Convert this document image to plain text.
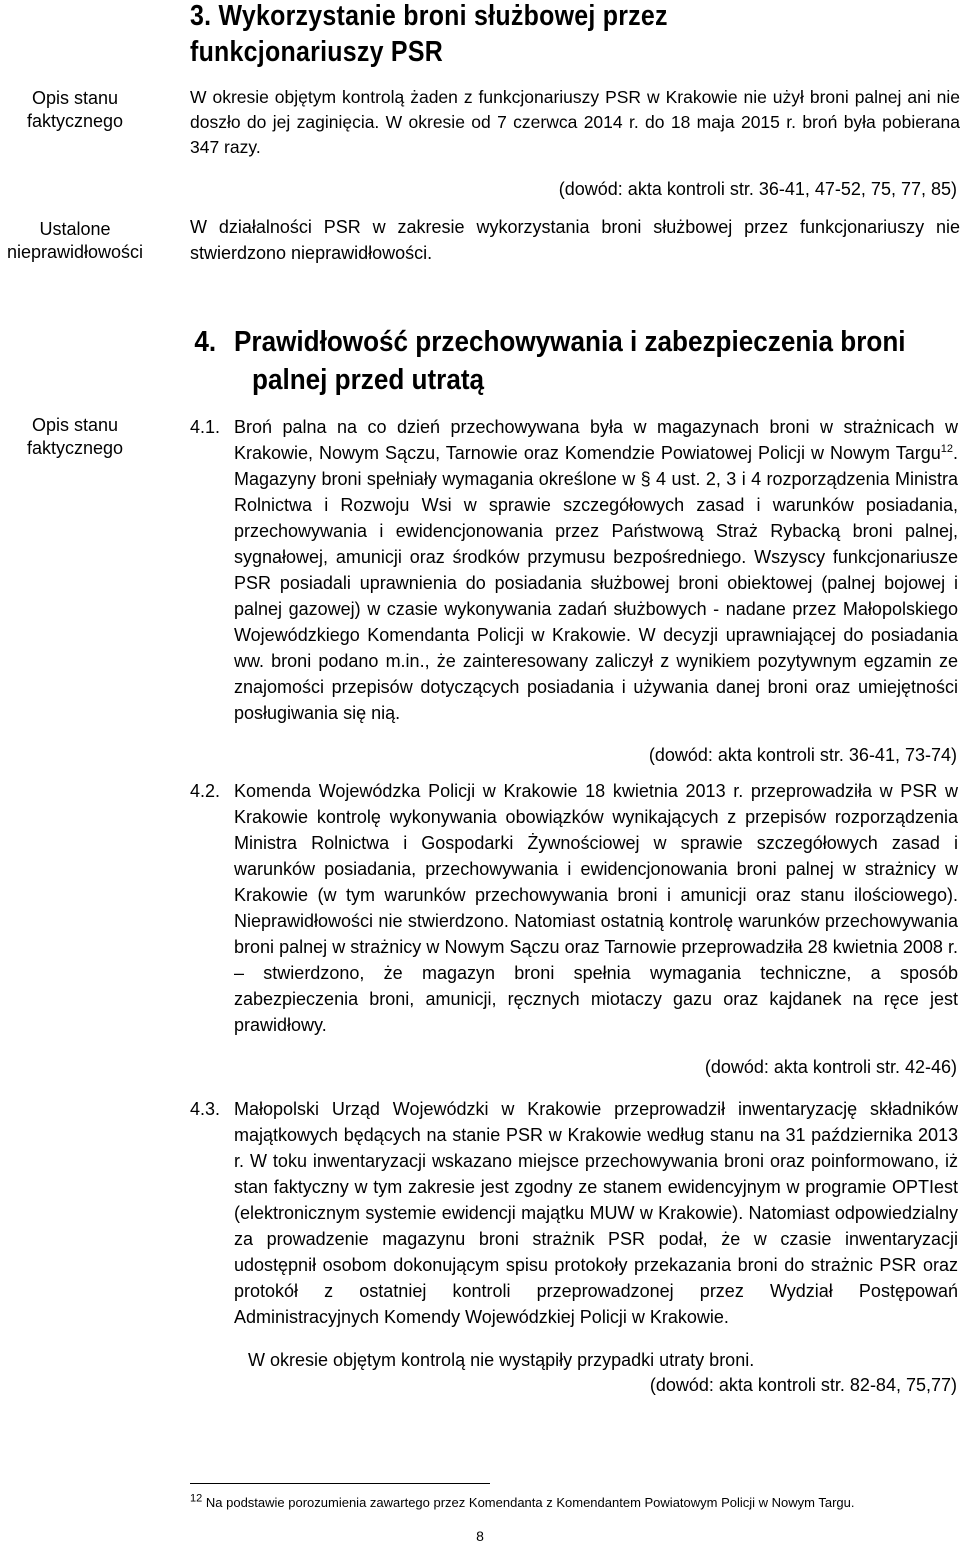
3. Wykorzystanie broni służbowej przez funkcjonariuszy PSR
Opis stanu faktycznego
W okresie objętym kontrolą żaden z funkcjonariuszy PSR w Krakowie nie użył broni palnej ani nie doszło do jej zaginięcia. W okresie od 7 czerwca 2014 r. do 18 maja 2015 r. broń była pobierana 347 razy.
(dowód: akta kontroli str. 36-41, 47-52, 75, 77, 85)
Ustalone nieprawidłowości
W działalności PSR w zakresie wykorzystania broni służbowej przez funkcjonariuszy nie stwierdzono nieprawidłowości.
4. Prawidłowość przechowywania i zabezpieczenia broni
palnej przed utratą
Opis stanu faktycznego
4.1. Broń palna na co dzień przechowywana była w magazynach broni w strażnicach w Krakowie, Nowym Sączu, Tarnowie oraz Komendzie Powiatowej Policji w Nowym Targu$^{12}$. Magazyny broni spełniały wymagania określone w § 4 ust. 2, 3 i 4 rozporządzenia Ministra Rolnictwa i Rozwoju Wsi w sprawie szczegółowych zasad i warunków posiadania, przechowywania i ewidencjonowania przez Państwową Straż Rybacką broni palnej, sygnałowej, amunicji oraz środków przymusu bezpośredniego. Wszyscy funkcjonariusze PSR posiadali uprawnienia do posiadania służbowej broni obiektowej (palnej bojowej i palnej gazowej) w czasie wykonywania zadań służbowych - nadane przez Małopolskiego Wojewódzkiego Komendanta Policji w Krakowie. W decyzji uprawniającej do posiadania ww. broni podano m.in., że zainteresowany zaliczył z wynikiem pozytywnym egzamin ze znajomości przepisów dotyczących posiadania i używania danej broni oraz umiejętności posługiwania się nią.
(dowód: akta kontroli str. 36-41, 73-74)
4.2. Komenda Wojewódzka Policji w Krakowie 18 kwietnia 2013 r. przeprowadziła w PSR w Krakowie kontrolę wykonywania obowiązków wynikających z przepisów rozporządzenia Ministra Rolnictwa i Gospodarki Żywnościowej w sprawie szczegółowych zasad i warunków posiadania, przechowywania i ewidencjonowania broni palnej w strażnicy w Krakowie (w tym warunków przechowywania broni i amunicji oraz stanu ilościowego). Nieprawidłowości nie stwierdzono. Natomiast ostatnią kontrolę warunków przechowywania broni palnej w strażnicy w Nowym Sączu oraz Tarnowie przeprowadziła 28 kwietnia 2008 r. – stwierdzono, że magazyn broni spełnia wymagania techniczne, a sposób zabezpieczenia broni, amunicji, ręcznych miotaczy gazu oraz kajdanek na ręce jest prawidłowy.
(dowód: akta kontroli str. 42-46)
4.3. Małopolski Urząd Wojewódzki w Krakowie przeprowadził inwentaryzację składników majątkowych będących na stanie PSR w Krakowie według stanu na 31 października 2013 r. W toku inwentaryzacji wskazano miejsce przechowywania broni oraz poinformowano, iż stan faktyczny w tym zakresie jest zgodny ze stanem ewidencyjnym w programie OPTIest (elektronicznym systemie ewidencji majątku MUW w Krakowie). Natomiast odpowiedzialny za prowadzenie magazynu broni strażnik PSR podał, że w czasie inwentaryzacji udostępnił osobom dokonującym spisu protokoły przekazania broni do strażnic PSR oraz protokół z ostatniej kontroli przeprowadzonej przez Wydział Postępowań Administracyjnych Komendy Wojewódzkiej Policji w Krakowie.
W okresie objętym kontrolą nie wystąpiły przypadki utraty broni.
(dowód: akta kontroli str. 82-84, 75,77)
$^{12}$ Na podstawie porozumienia zawartego przez Komendanta z Komendantem Powiatowym Policji w Nowym Targu.
8
